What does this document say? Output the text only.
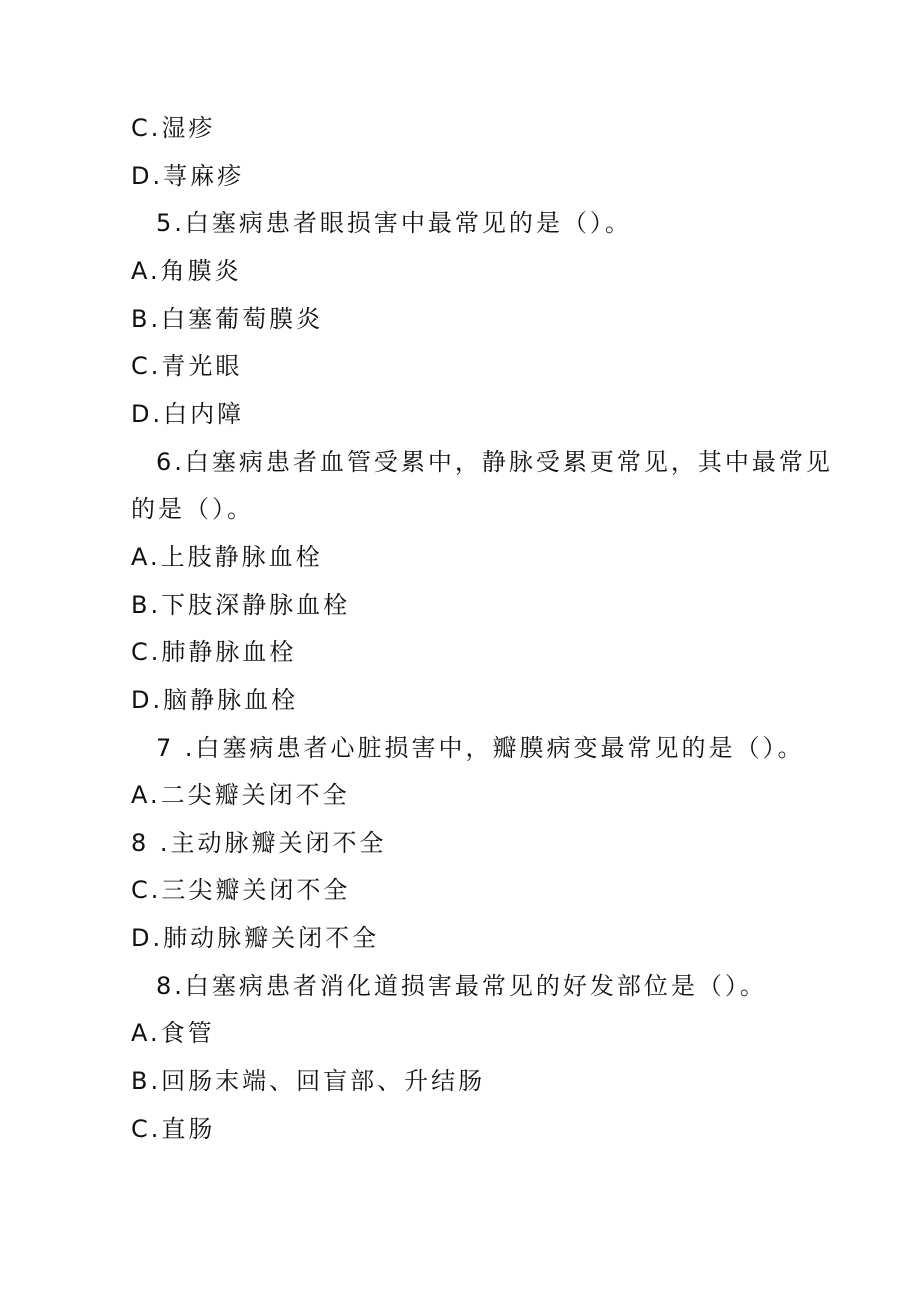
C.湿疹
D.荨麻疹
5.白塞病患者眼损害中最常见的是（）。
A.角膜炎
B.白塞葡萄膜炎
C.青光眼
D.白内障
6.白塞病患者血管受累中，静脉受累更常见，其中最常见
的是（）。
A.上肢静脉血栓
B.下肢深静脉血栓
C.肺静脉血栓
D.脑静脉血栓
7 .白塞病患者心脏损害中，瓣膜病变最常见的是（）。
A.二尖瓣关闭不全
8 .主动脉瓣关闭不全
C.三尖瓣关闭不全
D.肺动脉瓣关闭不全
8.白塞病患者消化道损害最常见的好发部位是（）。
A.食管
B.回肠末端、回盲部、升结肠
C.直肠
